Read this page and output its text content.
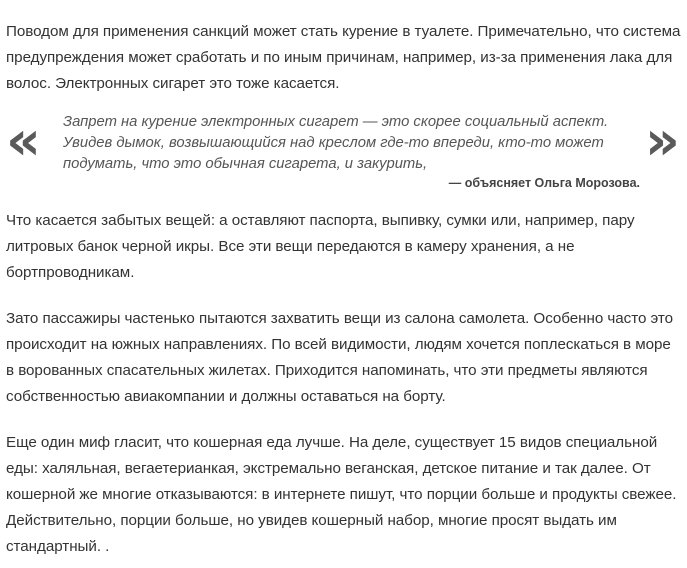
Поводом для применения санкций может стать курение в туалете. Примечательно, что система предупреждения может сработать и по иным причинам, например, из-за применения лака для волос. Электронных сигарет это тоже касается.

« Запрет на курение электронных сигарет — это скорее социальный аспект. Увидев дымок, возвышающийся над креслом где-то впереди, кто-то может подумать, что это обычная сигарета, и закурить,	»
— объясняет Ольга Морозова.

Что касается забытых вещей: а оставляют паспорта, выпивку, сумки или, например, пару литровых банок черной икры. Все эти вещи передаются в камеру хранения, а не бортпроводникам.

Зато пассажиры частенько пытаются захватить вещи из салона самолета. Особенно часто это происходит на южных направлениях. По всей видимости, людям хочется поплескаться в море в ворованных спасательных жилетах. Приходится напоминать, что эти предметы являются собственностью авиакомпании и должны оставаться на борту.

Еще один миф гласит, что кошерная еда лучше. На деле, существует 15 видов специальной еды: халяльная, вегаетерианкая, экстремально веганская, детское питание и так далее. От кошерной же многие отказываются: в интернете пишут, что порции больше и продукты свежее. Действительно, порции больше, но увидев кошерный набор, многие просят выдать им стандартный. .
